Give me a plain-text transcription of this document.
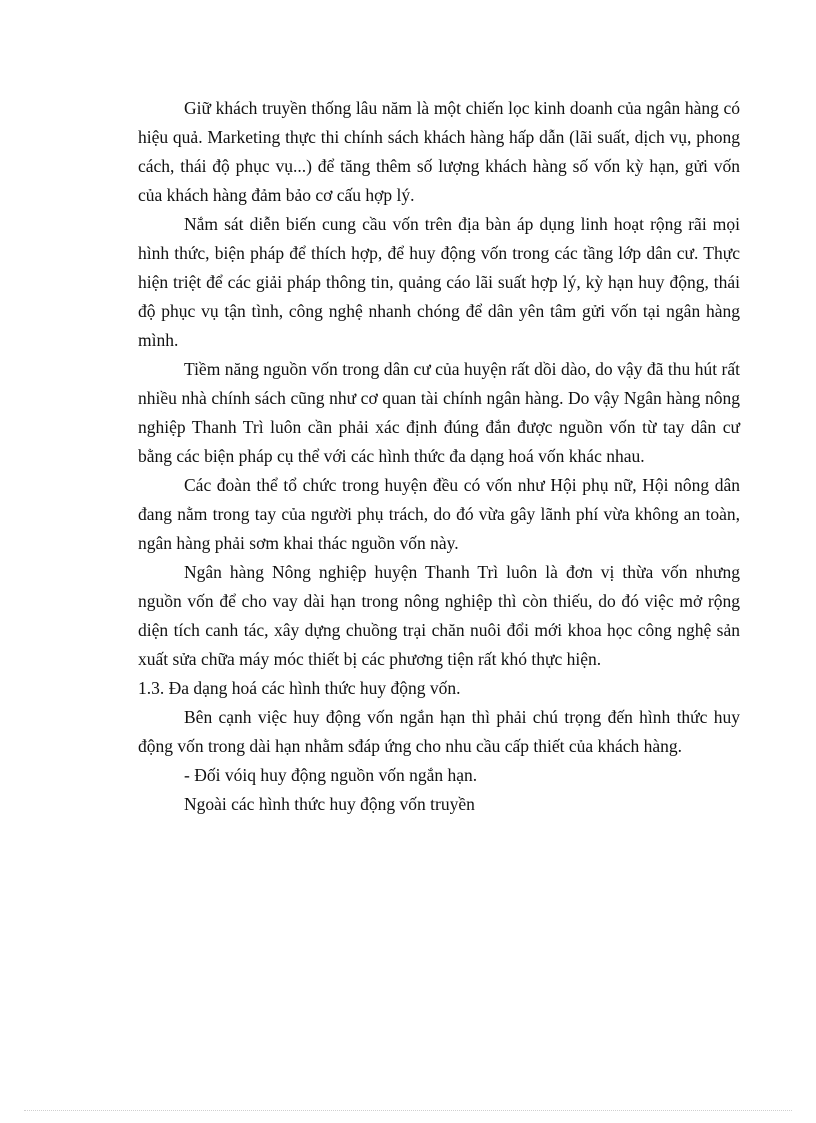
Giữ khách truyền thống lâu năm là một chiến lọc kinh doanh của ngân hàng có hiệu quả. Marketing thực thi chính sách khách hàng hấp dẫn (lãi suất, dịch vụ, phong cách, thái độ phục vụ...) để tăng thêm số lượng khách hàng số vốn kỳ hạn, gửi vốn của khách hàng đảm bảo cơ cấu hợp lý.

Nắm sát diễn biến cung cầu vốn trên địa bàn áp dụng linh hoạt rộng rãi mọi hình thức, biện pháp để thích hợp, để huy động vốn trong các tầng lớp dân cư. Thực hiện triệt để các giải pháp thông tin, quảng cáo lãi suất hợp lý, kỳ hạn huy động, thái độ phục vụ tận tình, công nghệ nhanh chóng để dân yên tâm gửi vốn tại ngân hàng mình.

Tiềm năng nguồn vốn trong dân cư của huyện rất dồi dào, do vậy đã thu hút rất nhiều nhà chính sách cũng như cơ quan tài chính ngân hàng. Do vậy Ngân hàng nông nghiệp Thanh Trì luôn cần phải xác định đúng đắn được nguồn vốn từ tay dân cư bằng các biện pháp cụ thể với các hình thức đa dạng hoá vốn khác nhau.

Các đoàn thể tổ chức trong huyện đều có vốn như Hội phụ nữ, Hội nông dân đang nằm trong tay của người phụ trách, do đó vừa gây lãnh phí vừa không an toàn, ngân hàng phải sơm khai thác nguồn vốn này.

Ngân hàng Nông nghiệp huyện Thanh Trì luôn là đơn vị thừa vốn nhưng nguồn vốn để cho vay dài hạn trong nông nghiệp thì còn thiếu, do đó việc mở rộng diện tích canh tác, xây dựng chuồng trại chăn nuôi đổi mới khoa học công nghệ sản xuất sửa chữa máy móc thiết bị các phương tiện rất khó thực hiện.

1.3. Đa dạng hoá các hình thức huy động vốn.

Bên cạnh việc huy động vốn ngắn hạn thì phải chú trọng đến hình thức huy động vốn trong dài hạn nhằm sđáp ứng cho nhu cầu cấp thiết của khách hàng.

- Đối vóiq huy động nguồn vốn ngắn hạn.

Ngoài các hình thức huy động vốn truyền
